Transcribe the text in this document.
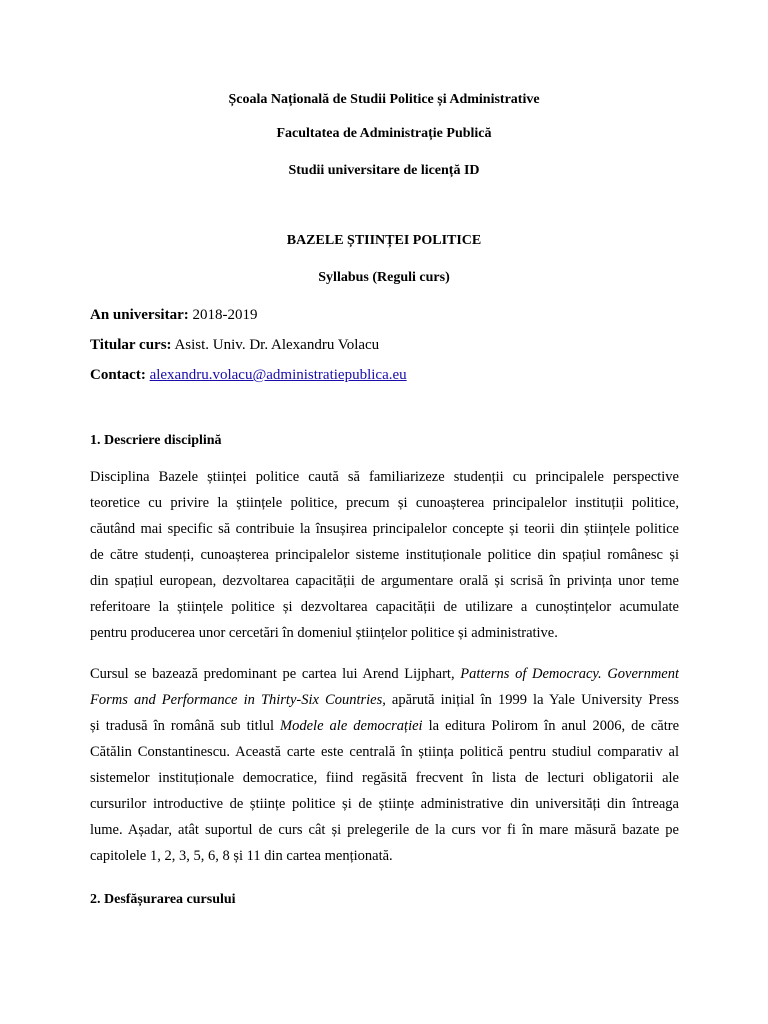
Școala Națională de Studii Politice și Administrative
Facultatea de Administrație Publică
Studii universitare de licență ID
BAZELE ȘTIINȚEI POLITICE
Syllabus (Reguli curs)
An universitar: 2018-2019
Titular curs: Asist. Univ. Dr. Alexandru Volacu
Contact: alexandru.volacu@administratiepublica.eu
1. Descriere disciplină
Disciplina Bazele științei politice caută să familiarizeze studenții cu principalele perspective
teoretice cu privire la științele politice, precum și cunoașterea principalelor instituții politice,
căutând mai specific să contribuie la însușirea principalelor concepte și teorii din științele politice
de către studenți, cunoașterea principalelor sisteme instituționale politice din spațiul românesc și
din spațiul european, dezvoltarea capacității de argumentare orală și scrisă în privința unor teme
referitoare la științele politice și dezvoltarea capacității de utilizare a cunoștințelor acumulate
pentru producerea unor cercetări în domeniul științelor politice și administrative.
Cursul se bazează predominant pe cartea lui Arend Lijphart, Patterns of Democracy. Government
Forms and Performance in Thirty-Six Countries, apărută inițial în 1999 la Yale University Press
și tradusă în română sub titlul Modele ale democrației la editura Polirom în anul 2006, de către
Cătălin Constantinescu. Această carte este centrală în știința politică pentru studiul comparativ al
sistemelor instituționale democratice, fiind regăsită frecvent în lista de lecturi obligatorii ale
cursurilor introductive de științe politice și de științe administrative din universități din întreaga
lume. Așadar, atât suportul de curs cât și prelegerile de la curs vor fi în mare măsură bazate pe
capitolele 1, 2, 3, 5, 6, 8 și 11 din cartea menționată.
2. Desfășurarea cursului
